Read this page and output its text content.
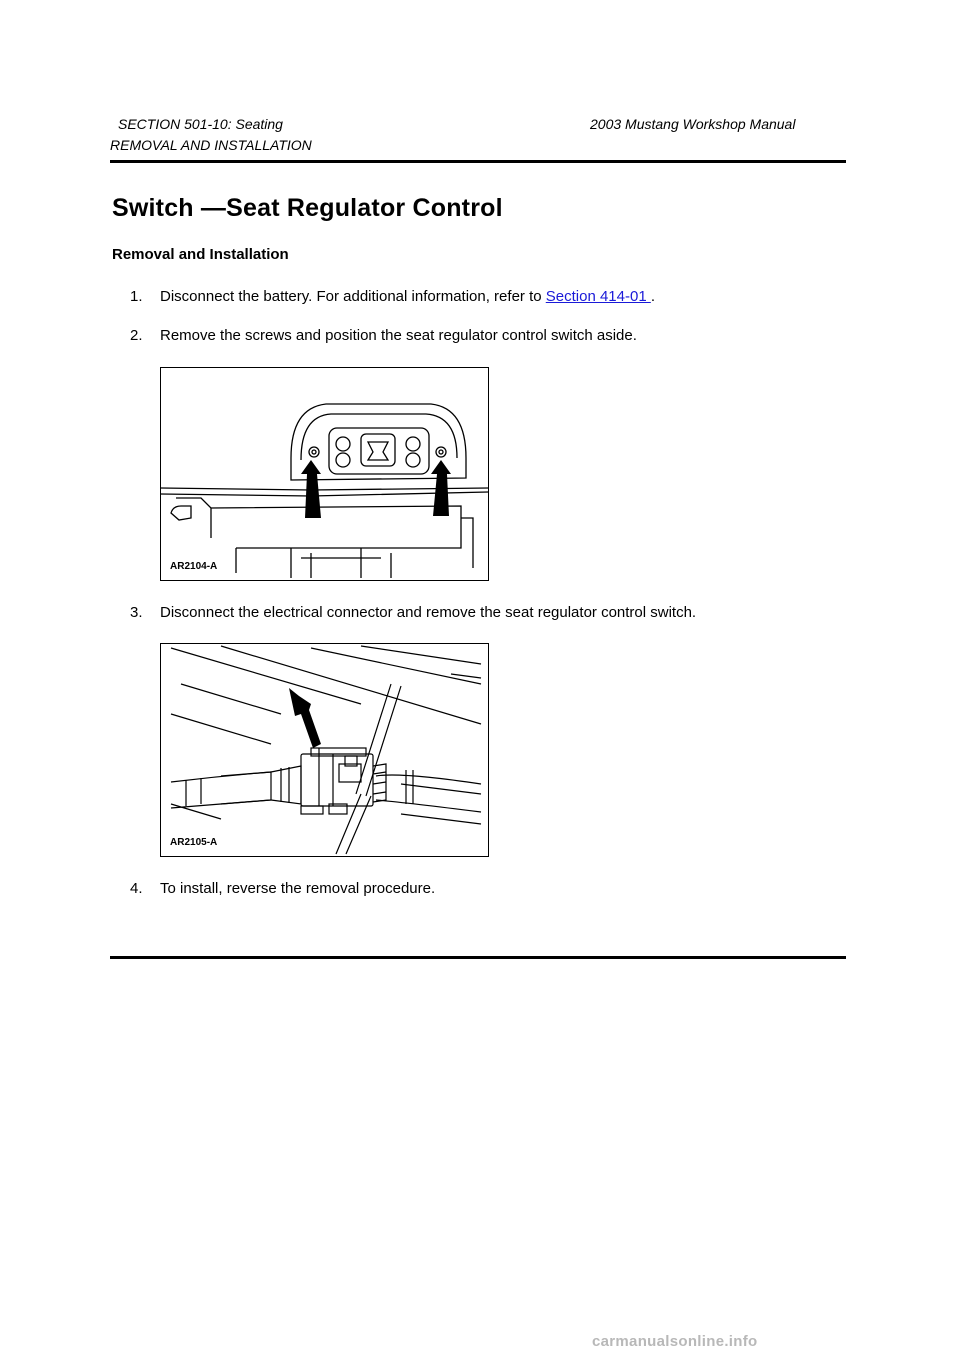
SECTION 501-10: Seating	2003 Mustang Workshop Manual
REMOVAL AND INSTALLATION
Switch —Seat Regulator Control
Removal and Installation
1. Disconnect the battery. For additional information, refer to Section 414-01 .
2. Remove the screws and position the seat regulator control switch aside.
AR2104-A
3. Disconnect the electrical connector and remove the seat regulator control switch.
AR2105-A
4. To install, reverse the removal procedure.
carmanualsonline.info
